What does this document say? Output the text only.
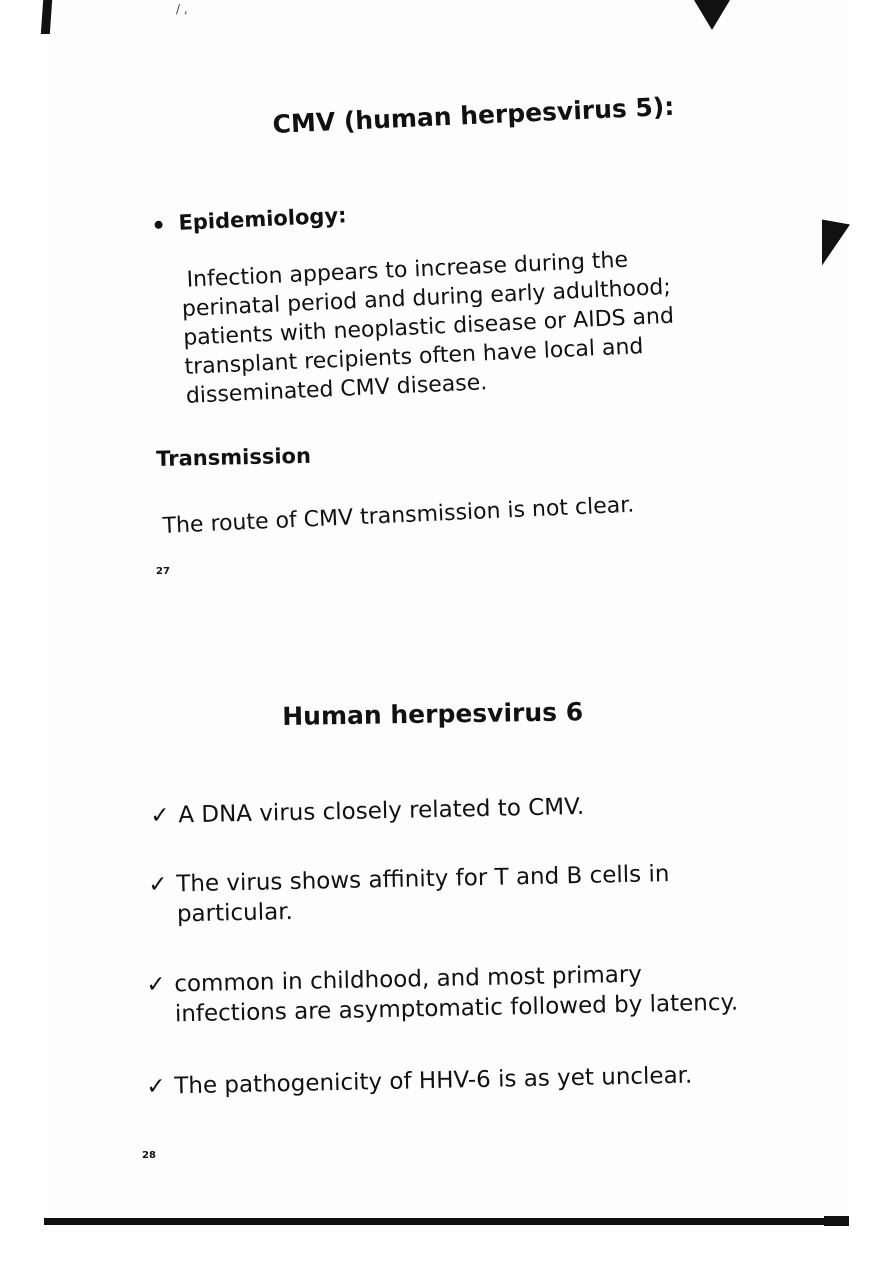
/ ,
CMV (human herpesvirus 5):
Epidemiology:
Infection appears to increase during the perinatal period and during early adulthood; patients with neoplastic disease or AIDS and transplant recipients often have local and disseminated CMV disease.
Transmission
The route of CMV transmission is not clear.
27
Human herpesvirus 6
✓ A DNA virus closely related to CMV.
✓ The virus shows affinity for T and B cells in particular.
✓ common in childhood, and most primary infections are asymptomatic followed by latency.
✓ The pathogenicity of HHV-6 is as yet unclear.
28
